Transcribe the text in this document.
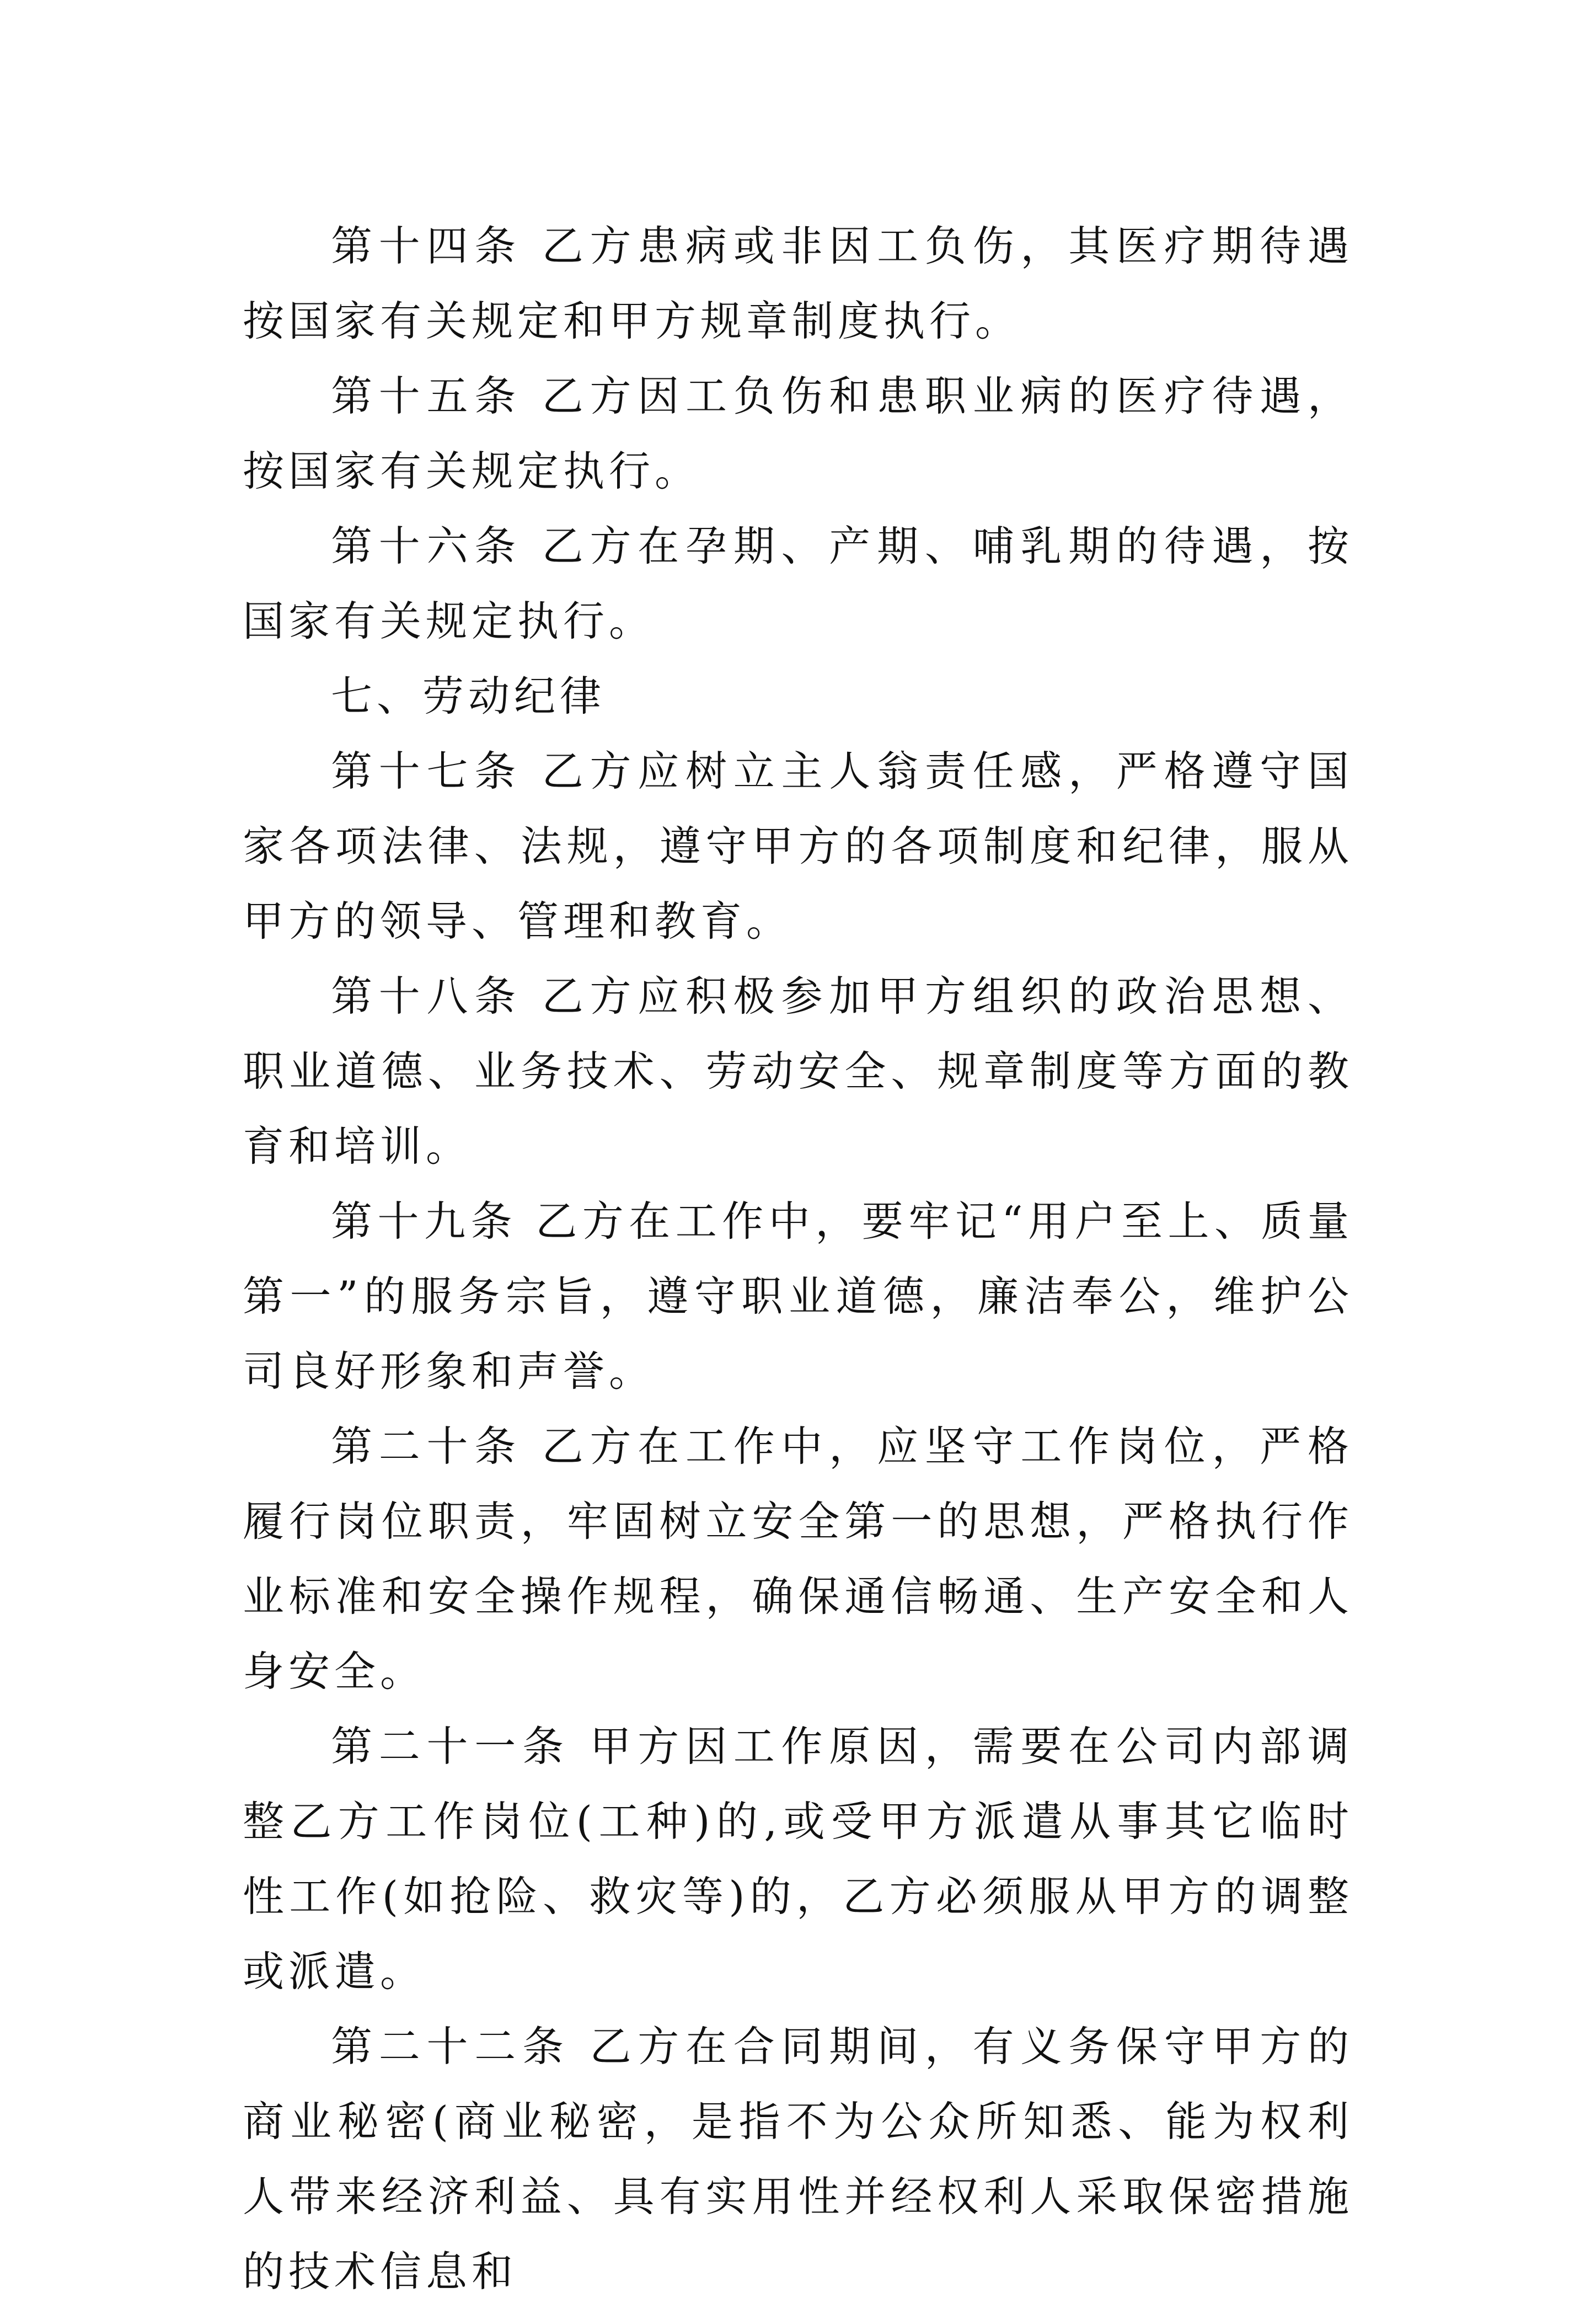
第十四条 乙方患病或非因工负伤，其医疗期待遇按国家有关规定和甲方规章制度执行。

第十五条 乙方因工负伤和患职业病的医疗待遇，按国家有关规定执行。

第十六条 乙方在孕期、产期、哺乳期的待遇，按国家有关规定执行。

七、劳动纪律

第十七条 乙方应树立主人翁责任感，严格遵守国家各项法律、法规，遵守甲方的各项制度和纪律，服从甲方的领导、管理和教育。

第十八条 乙方应积极参加甲方组织的政治思想、职业道德、业务技术、劳动安全、规章制度等方面的教育和培训。

第十九条 乙方在工作中，要牢记“用户至上、质量第一”的服务宗旨，遵守职业道德，廉洁奉公，维护公司良好形象和声誉。

第二十条 乙方在工作中，应坚守工作岗位，严格履行岗位职责，牢固树立安全第一的思想，严格执行作业标准和安全操作规程，确保通信畅通、生产安全和人身安全。

第二十一条 甲方因工作原因，需要在公司内部调整乙方工作岗位(工种)的,或受甲方派遣从事其它临时性工作(如抢险、救灾等)的，乙方必须服从甲方的调整或派遣。

第二十二条 乙方在合同期间，有义务保守甲方的商业秘密(商业秘密，是指不为公众所知悉、能为权利人带来经济利益、具有实用性并经权利人采取保密措施的技术信息和
